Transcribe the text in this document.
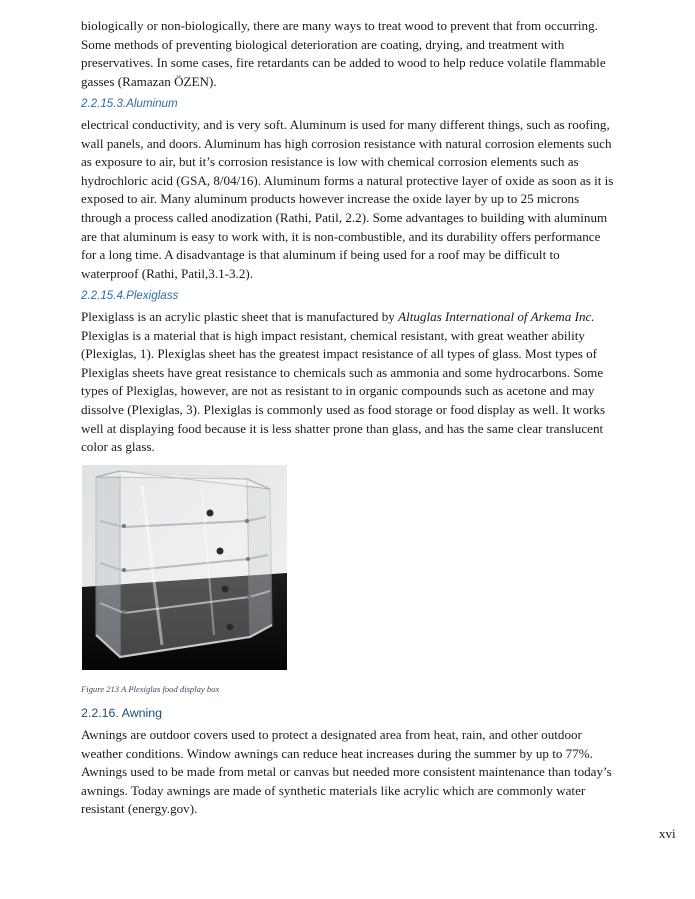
biologically or non-biologically, there are many ways to treat wood to prevent that from occurring. Some methods of preventing biological deterioration are coating, drying, and treatment with preservatives. In some cases, fire retardants can be added to wood to help reduce volatile flammable gasses (Ramazan ÖZEN).

2.2.15.3.Aluminum

electrical conductivity, and is very soft. Aluminum is used for many different things, such as roofing, wall panels, and doors. Aluminum has high corrosion resistance with natural corrosion elements such as exposure to air, but it’s corrosion resistance is low with chemical corrosion elements such as hydrochloric acid (GSA, 8/04/16). Aluminum forms a natural protective layer of oxide as soon as it is exposed to air. Many aluminum products however increase the oxide layer by up to 25 microns through a process called anodization (Rathi, Patil, 2.2). Some advantages to building with aluminum are that aluminum is easy to work with, it is non-combustible, and its durability offers performance for a long time. A disadvantage is that aluminum if being used for a roof may be difficult to waterproof (Rathi, Patil,3.1-3.2).

2.2.15.4.Plexiglass

Plexiglass is an acrylic plastic sheet that is manufactured by Altuglas International of Arkema Inc. Plexiglas is a material that is high impact resistant, chemical resistant, with great weather ability (Plexiglas, 1). Plexiglas sheet has the greatest impact resistance of all types of glass. Most types of Plexiglas sheets have great resistance to chemicals such as ammonia and some hydrocarbons. Some types of Plexiglas, however, are not as resistant to in organic compounds such as acetone and may dissolve (Plexiglas, 3). Plexiglas is commonly used as food storage or food display as well. It works well at displaying food because it is less shatter prone than glass, and has the same clear translucent color as glass.

Figure 213 A Plexiglas food display box

2.2.16. Awning

Awnings are outdoor covers used to protect a designated area from heat, rain, and other outdoor weather conditions. Window awnings can reduce heat increases during the summer by up to 77%. Awnings used to be made from metal or canvas but needed more consistent maintenance than today’s awnings. Today awnings are made of synthetic materials like acrylic which are commonly water resistant (energy.gov).

xvi
